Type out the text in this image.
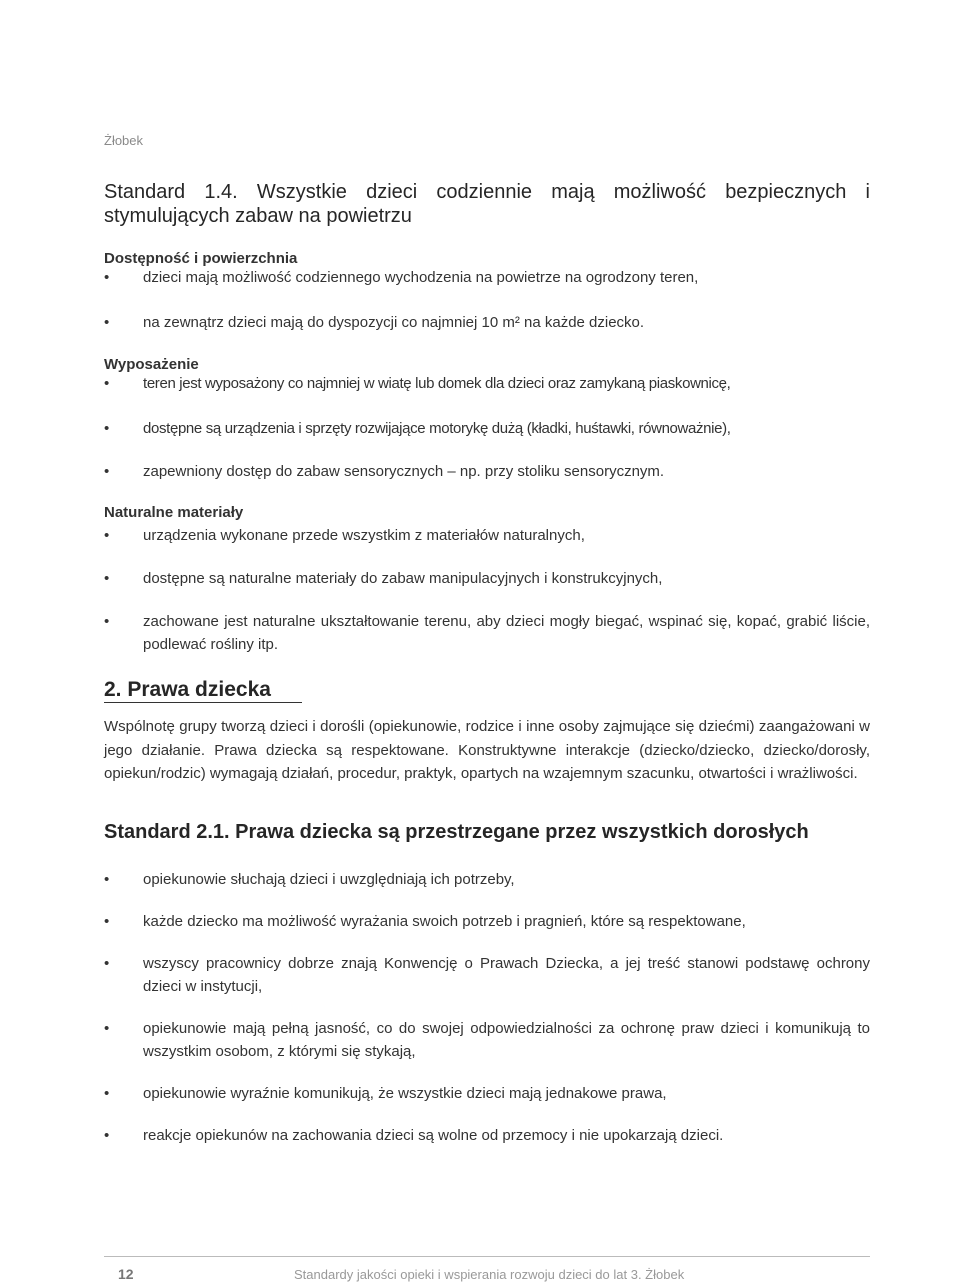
Żłobek
Standard 1.4. Wszystkie dzieci codziennie mają możliwość bezpiecznych i stymulujących zabaw na powietrzu
Dostępność i powierzchnia
• dzieci mają możliwość codziennego wychodzenia na powietrze na ogrodzony teren,
• na zewnątrz dzieci mają do dyspozycji co najmniej 10 m² na każde dziecko.
Wyposażenie
• teren jest wyposażony co najmniej w wiatę lub domek dla dzieci oraz zamykaną piaskownicę,
• dostępne są urządzenia i sprzęty rozwijające motorykę dużą (kładki, huśtawki, równoważnie),
• zapewniony dostęp do zabaw sensorycznych – np. przy stoliku sensorycznym.
Naturalne materiały
• urządzenia wykonane przede wszystkim z materiałów naturalnych,
• dostępne są naturalne materiały do zabaw manipulacyjnych i konstrukcyjnych,
• zachowane jest naturalne ukształtowanie terenu, aby dzieci mogły biegać, wspinać się, kopać, grabić liście, podlewać rośliny itp.
2. Prawa dziecka

Wspólnotę grupy tworzą dzieci i dorośli (opiekunowie, rodzice i inne osoby zajmujące się dziećmi) zaangażowani w jego działanie. Prawa dziecka są respektowane. Konstruktywne interakcje (dziecko/dziecko, dziecko/dorosły, opiekun/rodzic) wymagają działań, procedur, praktyk, opartych na wzajemnym szacunku, otwartości i wrażliwości.

Standard 2.1. Prawa dziecka są przestrzegane przez wszystkich dorosłych
• opiekunowie słuchają dzieci i uwzględniają ich potrzeby,
• każde dziecko ma możliwość wyrażania swoich potrzeb i pragnień, które są respektowane,
• wszyscy pracownicy dobrze znają Konwencję o Prawach Dziecka, a jej treść stanowi podstawę ochrony dzieci w instytucji,
• opiekunowie mają pełną jasność, co do swojej odpowiedzialności za ochronę praw dzieci i komunikują to wszystkim osobom, z którymi się stykają,
• opiekunowie wyraźnie komunikują, że wszystkie dzieci mają jednakowe prawa,
• reakcje opiekunów na zachowania dzieci są wolne od przemocy i nie upokarzają dzieci.
12	Standardy jakości opieki i wspierania rozwoju dzieci do lat 3. Żłobek
